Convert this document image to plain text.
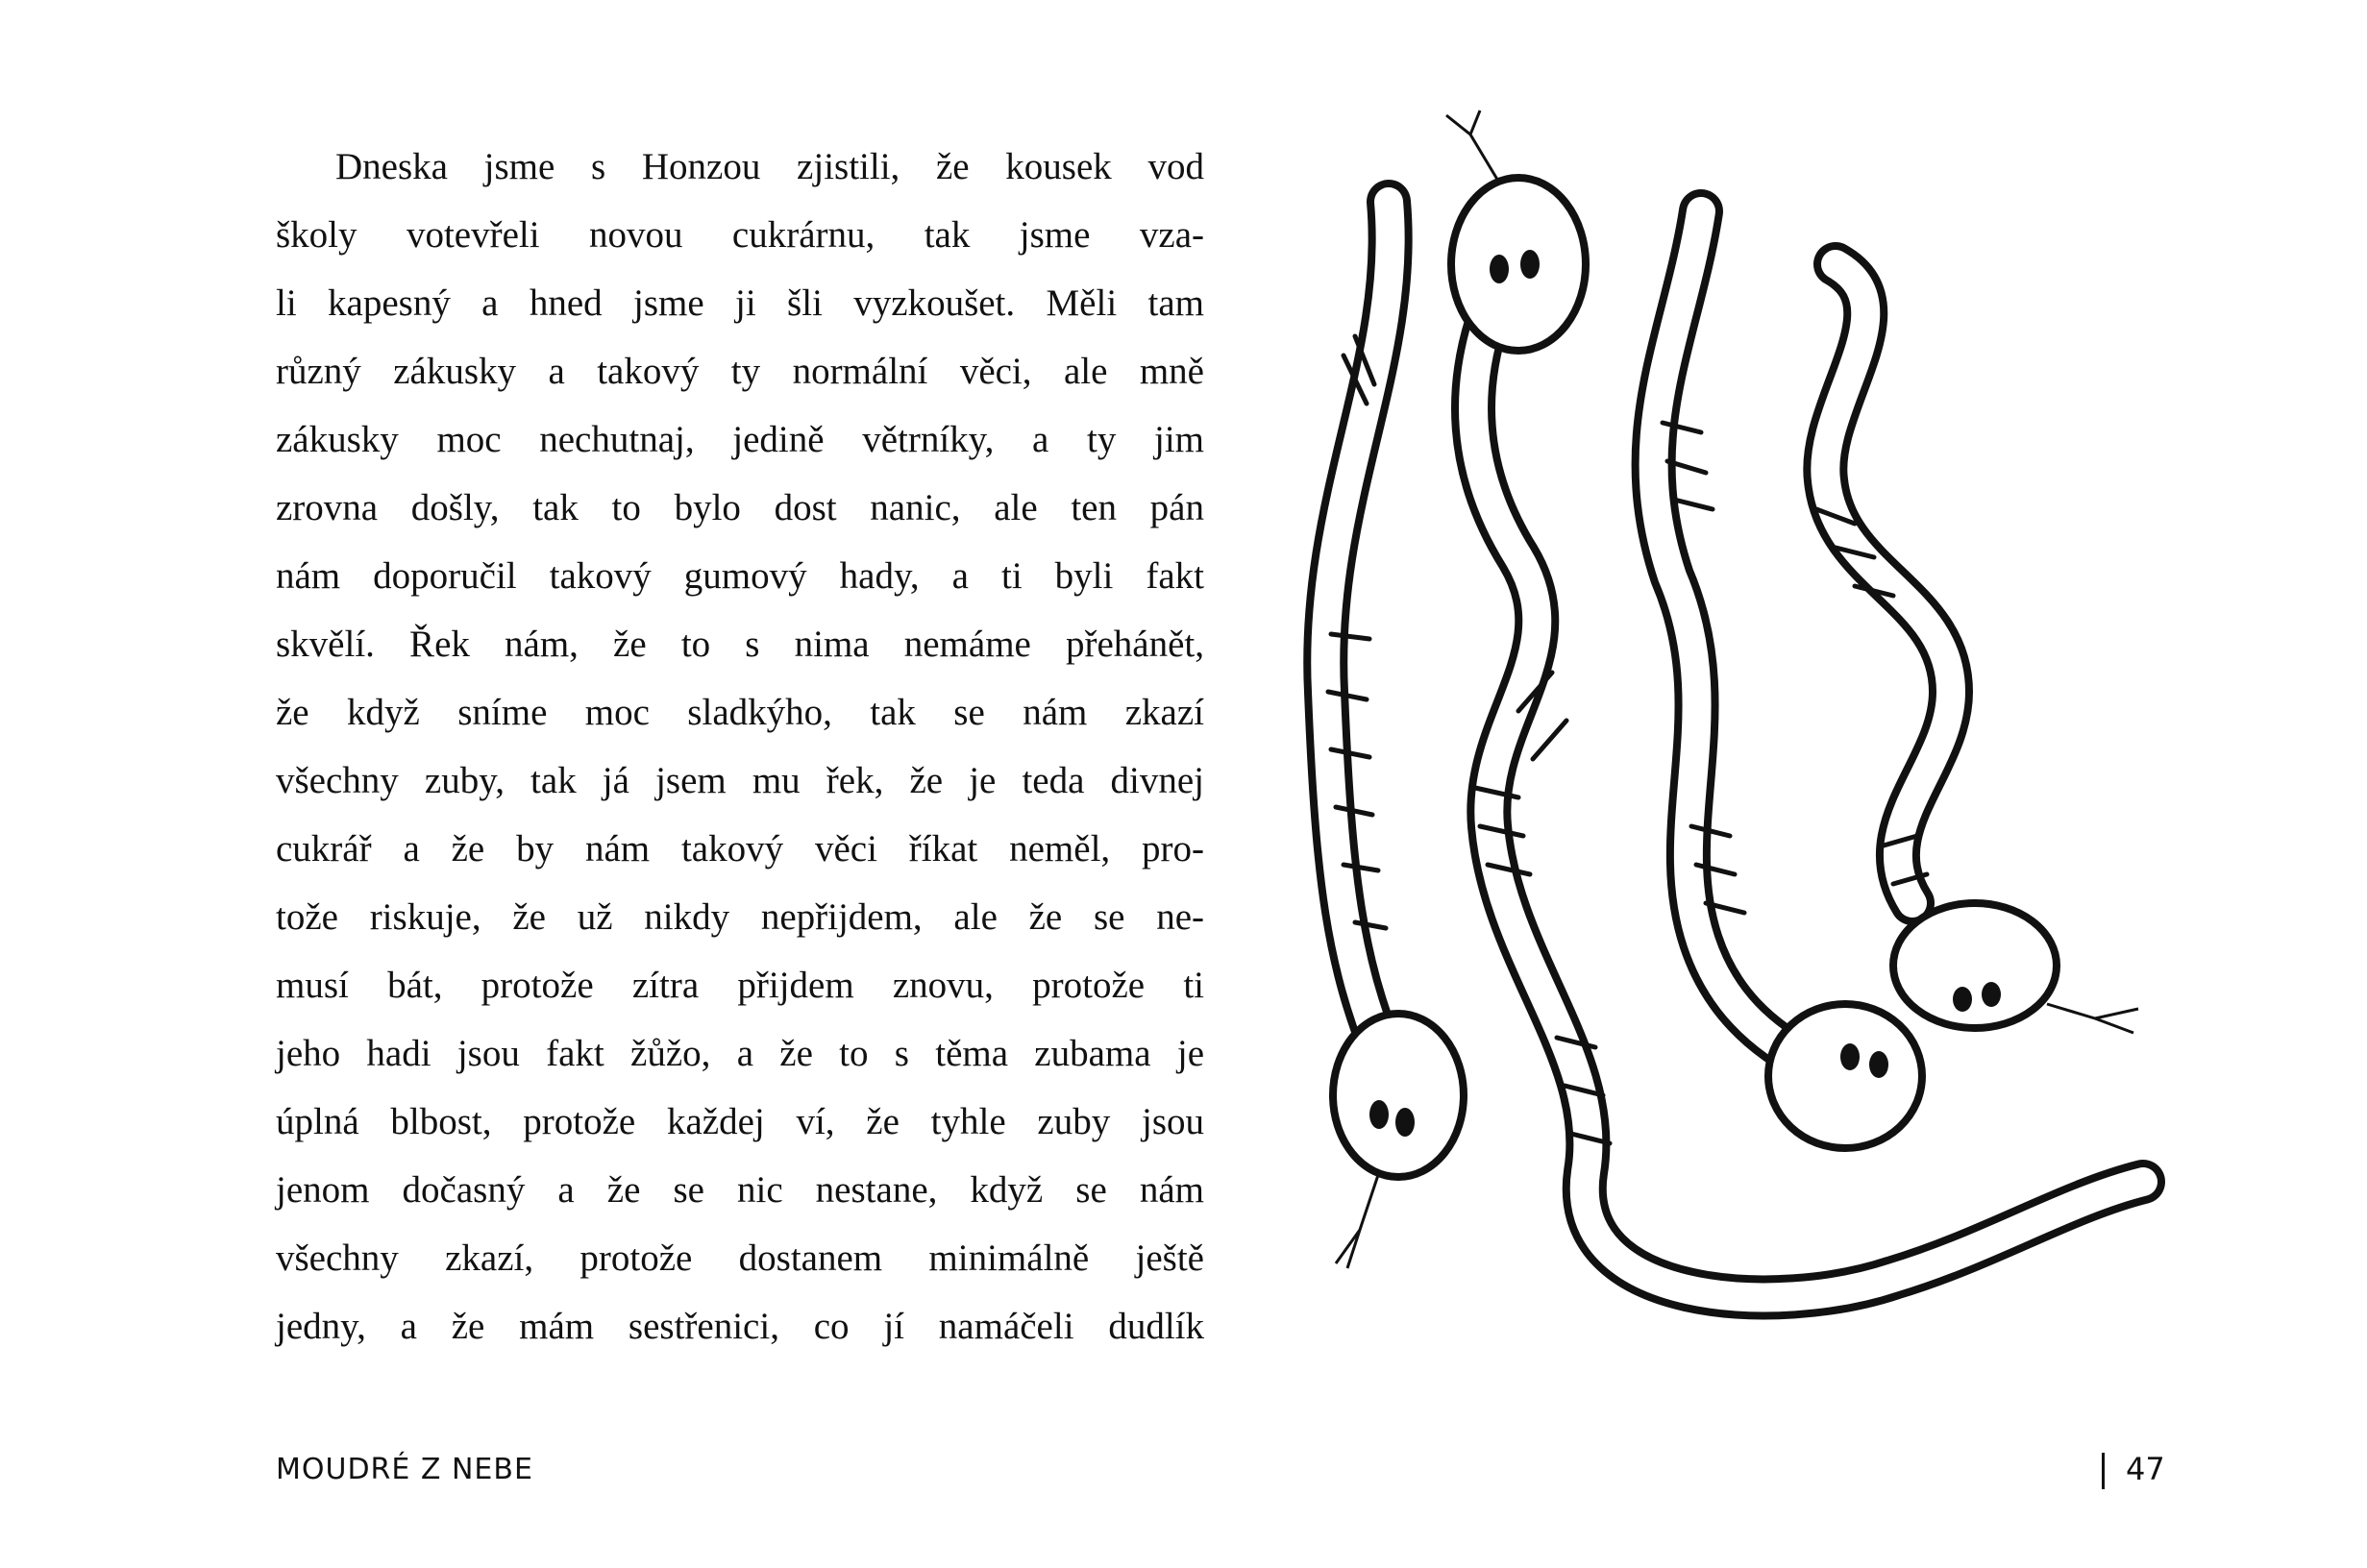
Dneska jsme s Honzou zjistili, že kousek vod
školy votevřeli novou cukrárnu, tak jsme vza-
li kapesný a hned jsme ji šli vyzkoušet. Měli tam
různý zákusky a takový ty normální věci, ale mně
zákusky moc nechutnaj, jedině větrníky, a ty jim
zrovna došly, tak to bylo dost nanic, ale ten pán
nám doporučil takový gumový hady, a ti byli fakt
skvělí. Řek nám, že to s nima nemáme přehánět,
že když sníme moc sladkýho, tak se nám zkazí
všechny zuby, tak já jsem mu řek, že je teda divnej
cukrář a že by nám takový věci říkat neměl, pro-
tože riskuje, že už nikdy nepřijdem, ale že se ne-
musí bát, protože zítra přijdem znovu, protože ti
jeho hadi jsou fakt žůžo, a že to s těma zubama je
úplná blbost, protože každej ví, že tyhle zuby jsou
jenom dočasný a že se nic nestane, když se nám
všechny zkazí, protože dostanem minimálně ještě
jedny, a že mám sestřenici, co jí namáčeli dudlík
MOUDRÉ Z NEBE	47
